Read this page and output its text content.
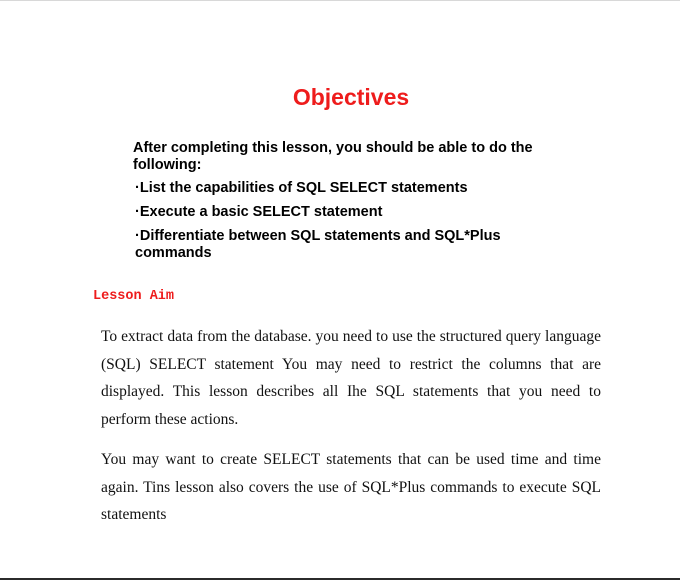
Objectives
After completing this lesson, you should be able to do the following:
·List the capabilities of SQL SELECT statements
·Execute a basic SELECT statement
·Differentiate between SQL statements and SQL*Plus commands
Lesson Aim

To extract data from the database. you need to use the structured query language (SQL) SELECT statement You may need to restrict the columns that are displayed. This lesson describes all Ihe SQL statements that you need to perform these actions.

You may want to create SELECT statements that can be used time and time again. Tins lesson also covers the use of SQL*Plus commands to execute SQL statements
